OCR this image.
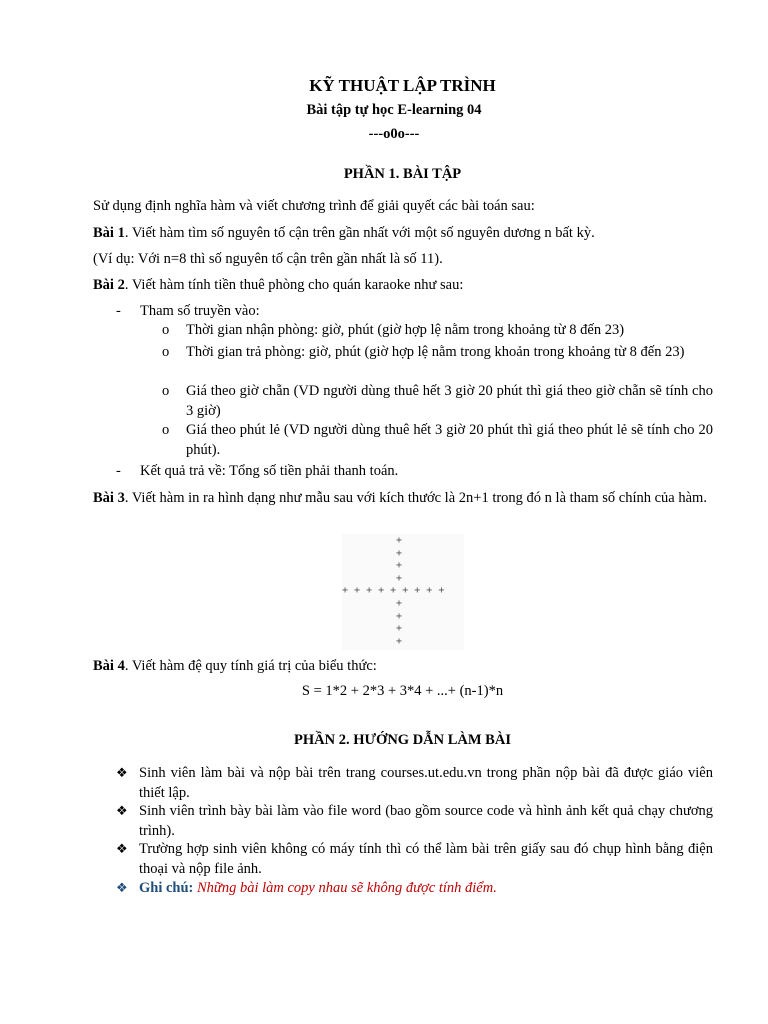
KỸ THUẬT LẬP TRÌNH
Bài tập tự học E-learning 04
---o0o---
PHẦN 1. BÀI TẬP
Sử dụng định nghĩa hàm và viết chương trình để giải quyết các bài toán sau:
Bài 1. Viết hàm tìm số nguyên tố cận trên gần nhất với một số nguyên dương n bất kỳ.
(Ví dụ: Với n=8 thì số nguyên tố cận trên gần nhất là số 11).
Bài 2. Viết hàm tính tiền thuê phòng cho quán karaoke như sau:
- Tham số truyền vào:
o Thời gian nhận phòng: giờ, phút (giờ hợp lệ nằm trong khoảng từ 8 đến 23)
o Thời gian trả phòng: giờ, phút (giờ hợp lệ nằm trong khoản trong khoảng từ 8 đến 23)
o Giá theo giờ chẵn (VD người dùng thuê hết 3 giờ 20 phút thì giá theo giờ chẵn sẽ tính cho 3 giờ)
o Giá theo phút lẻ (VD người dùng thuê hết 3 giờ 20 phút thì giá theo phút lẻ sẽ tính cho 20 phút).
- Kết quả trả về: Tổng số tiền phải thanh toán.
Bài 3. Viết hàm in ra hình dạng như mẫu sau với kích thước là 2n+1 trong đó n là tham số chính của hàm.
+
+
+
+
+ + + + + + + + +
+
+
+
+
Bài 4. Viết hàm đệ quy tính giá trị của biểu thức:
S = 1*2 + 2*3 + 3*4 + ...+ (n-1)*n
PHẦN 2. HƯỚNG DẪN LÀM BÀI
❖ Sinh viên làm bài và nộp bài trên trang courses.ut.edu.vn trong phần nộp bài đã được giáo viên thiết lập.
❖ Sinh viên trình bày bài làm vào file word (bao gồm source code và hình ảnh kết quả chạy chương trình).
❖ Trường hợp sinh viên không có máy tính thì có thể làm bài trên giấy sau đó chụp hình bằng điện thoại và nộp file ảnh.
❖ Ghi chú: Những bài làm copy nhau sẽ không được tính điểm.
